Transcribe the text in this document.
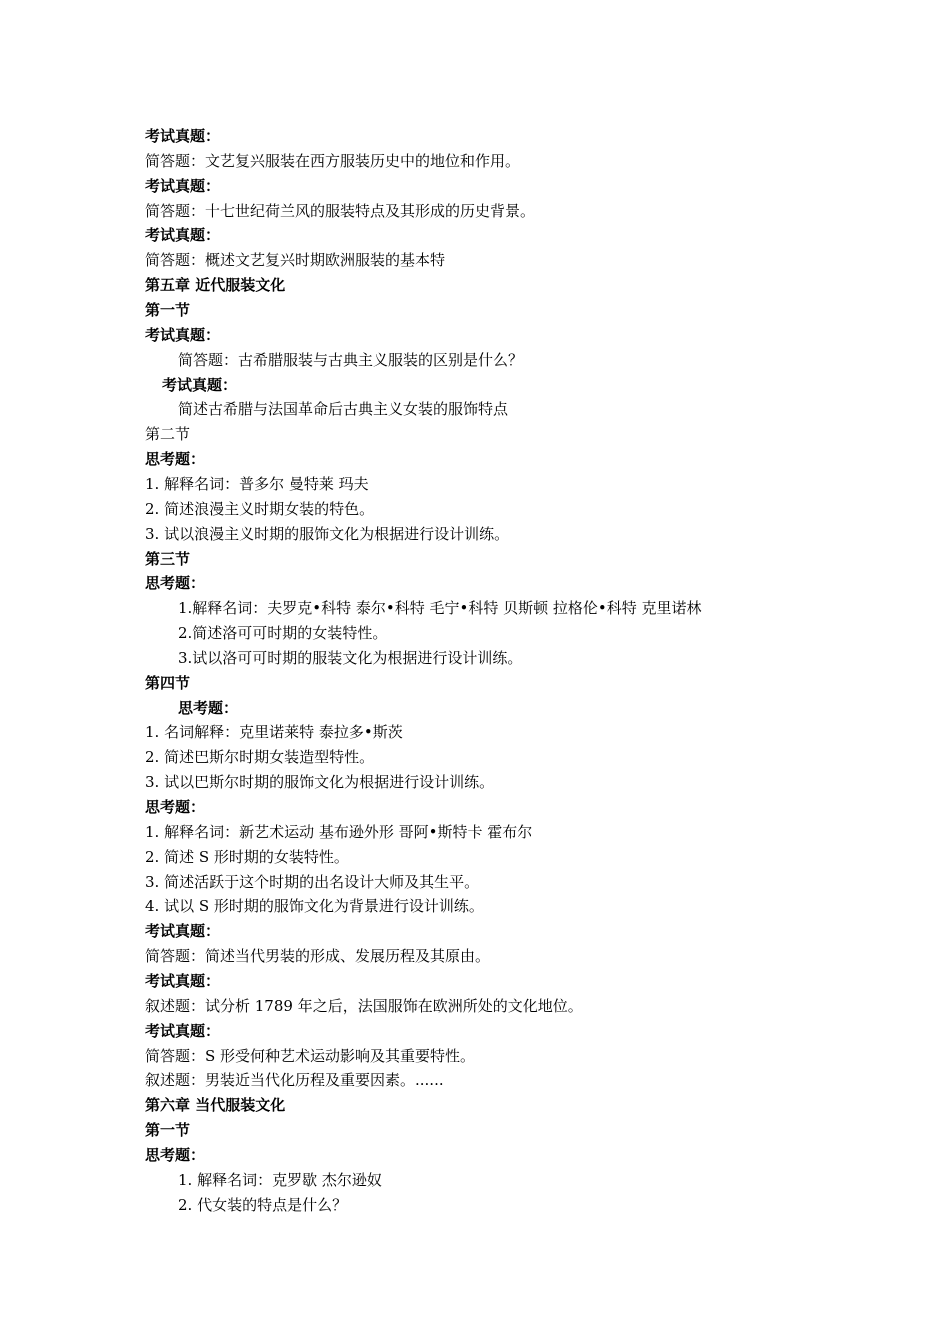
考试真题：
简答题：文艺复兴服装在西方服装历史中的地位和作用。
考试真题：
简答题：十七世纪荷兰风的服装特点及其形成的历史背景。
考试真题：
简答题：概述文艺复兴时期欧洲服装的基本特
第五章 近代服装文化
第一节
考试真题：
简答题：古希腊服装与古典主义服装的区别是什么？
考试真题：
简述古希腊与法国革命后古典主义女装的服饰特点
第二节
思考题：
1. 解释名词：普多尔 曼特莱 玛夫
2. 简述浪漫主义时期女装的特色。
3. 试以浪漫主义时期的服饰文化为根据进行设计训练。
第三节
思考题：
1.解释名词：夫罗克•科特 泰尔•科特 毛宁•科特 贝斯顿 拉格伦•科特 克里诺林
2.简述洛可可时期的女装特性。
3.试以洛可可时期的服装文化为根据进行设计训练。
第四节
思考题：
1. 名词解释：克里诺莱特 泰拉多•斯茨
2. 简述巴斯尔时期女装造型特性。
3. 试以巴斯尔时期的服饰文化为根据进行设计训练。
思考题：
1. 解释名词：新艺术运动 基布逊外形 哥阿•斯特卡 霍布尔
2. 简述 S 形时期的女装特性。
3. 简述活跃于这个时期的出名设计大师及其生平。
4. 试以 S 形时期的服饰文化为背景进行设计训练。
考试真题：
简答题：简述当代男装的形成、发展历程及其原由。
考试真题：
叙述题：试分析 1789 年之后，法国服饰在欧洲所处的文化地位。
考试真题：
简答题：S 形受何种艺术运动影响及其重要特性。
叙述题：男装近当代化历程及重要因素。......
第六章 当代服装文化
第一节
思考题：
1. 解释名词：克罗歇 杰尔逊奴
2. 代女装的特点是什么？
